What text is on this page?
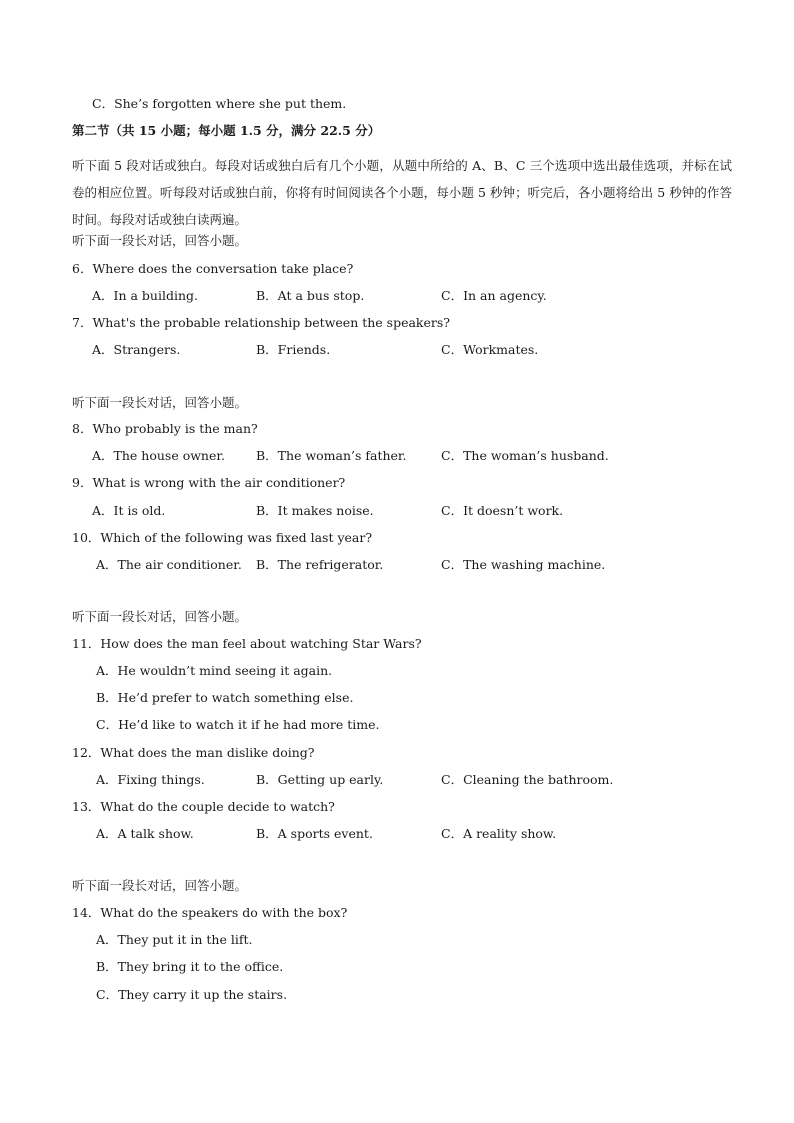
C．She’s forgotten where she put them.
第二节（共 15 小题；每小题 1.5 分，满分 22.5 分）
听下面 5 段对话或独白。每段对话或独白后有几个小题，从题中所给的 A、B、C 三个选项中选出最佳选项，并标在试卷的相应位置。听每段对话或独白前，你将有时间阅读各个小题，每小题 5 秒钟；听完后，各小题将给出 5 秒钟的作答时间。每段对话或独白读两遍。
听下面一段长对话，回答小题。
6．Where does the conversation take place?
A．In a building.	B．At a bus stop.	C．In an agency.
7．What's the probable relationship between the speakers?
A．Strangers.	B．Friends.	C．Workmates.
听下面一段长对话，回答小题。
8．Who probably is the man?
A．The house owner. B．The woman’s father.	C．The woman’s husband.
9．What is wrong with the air conditioner?
A．It is old.	B．It makes noise.	C．It doesn’t work.
10．Which of the following was fixed last year?
A．The air conditioner. B．The refrigerator.	C．The washing machine.
听下面一段长对话，回答小题。
11．How does the man feel about watching Star Wars?
A．He wouldn’t mind seeing it again.
B．He’d prefer to watch something else.
C．He’d like to watch it if he had more time.
12．What does the man dislike doing?
A．Fixing things.	B．Getting up early.	C．Cleaning the bathroom.
13．What do the couple decide to watch?
A．A talk show.	B．A sports event.	C．A reality show.
听下面一段长对话，回答小题。
14．What do the speakers do with the box?
A．They put it in the lift.
B．They bring it to the office.
C．They carry it up the stairs.
